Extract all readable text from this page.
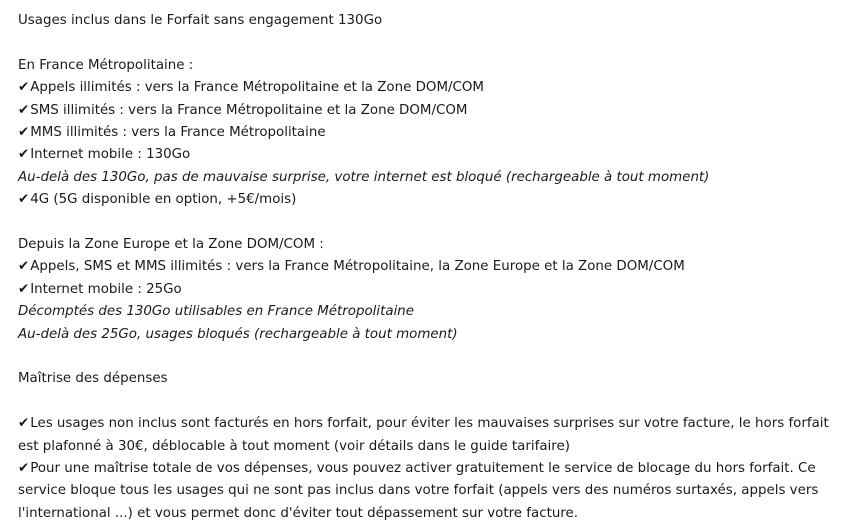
Usages inclus dans le Forfait sans engagement 130Go
En France Métropolitaine :
✔Appels illimités : vers la France Métropolitaine et la Zone DOM/COM
✔SMS illimités : vers la France Métropolitaine et la Zone DOM/COM
✔MMS illimités : vers la France Métropolitaine
✔Internet mobile : 130Go
Au-delà des 130Go, pas de mauvaise surprise, votre internet est bloqué (rechargeable à tout moment)
✔4G (5G disponible en option, +5€/mois)
Depuis la Zone Europe et la Zone DOM/COM :
✔Appels, SMS et MMS illimités : vers la France Métropolitaine, la Zone Europe et la Zone DOM/COM
✔Internet mobile : 25Go
Décomptés des 130Go utilisables en France Métropolitaine
Au-delà des 25Go, usages bloqués (rechargeable à tout moment)
Maîtrise des dépenses
✔Les usages non inclus sont facturés en hors forfait, pour éviter les mauvaises surprises sur votre facture, le hors forfait est plafonné à 30€, déblocable à tout moment (voir détails dans le guide tarifaire)
✔Pour une maîtrise totale de vos dépenses, vous pouvez activer gratuitement le service de blocage du hors forfait. Ce service bloque tous les usages qui ne sont pas inclus dans votre forfait (appels vers des numéros surtaxés, appels vers l'international ...) et vous permet donc d'éviter tout dépassement sur votre facture.
